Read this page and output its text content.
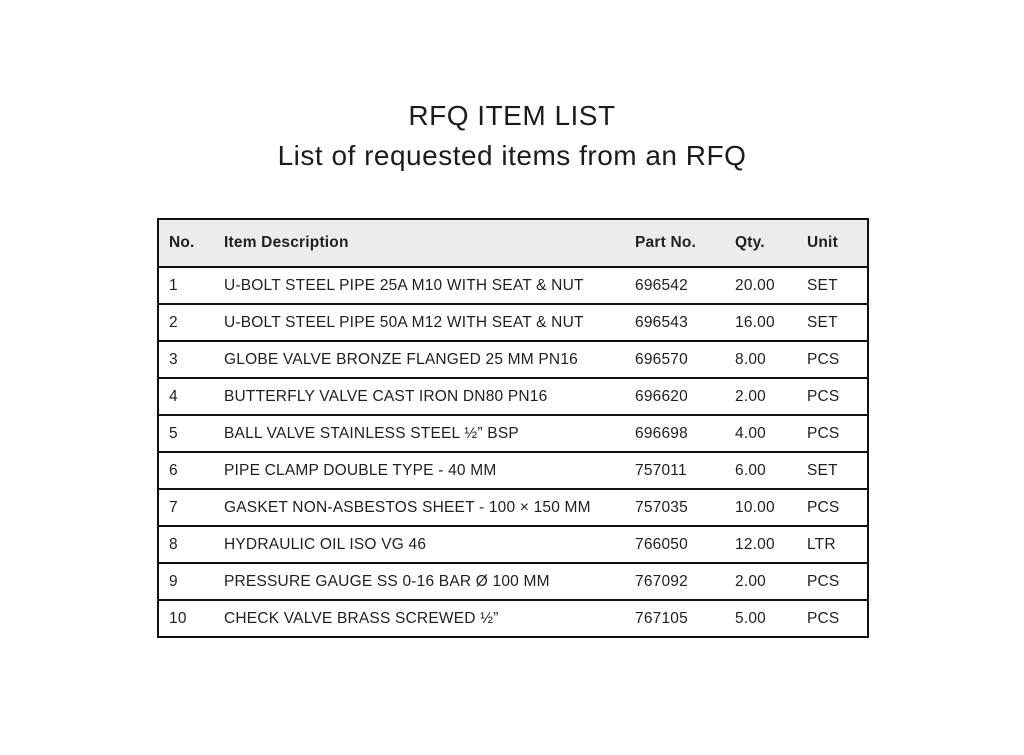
RFQ ITEM LIST
List of requested items from an RFQ
No.	Item Description	Part No.	Qty.	Unit
1	U-BOLT STEEL PIPE 25A M10 WITH SEAT & NUT	696542	20.00	SET
2	U-BOLT STEEL PIPE 50A M12 WITH SEAT & NUT	696543	16.00	SET
3	GLOBE VALVE BRONZE FLANGED 25 MM PN16	696570	8.00	PCS
4	BUTTERFLY VALVE CAST IRON DN80 PN16	696620	2.00	PCS
5	BALL VALVE STAINLESS STEEL ½” BSP	696698	4.00	PCS
6	PIPE CLAMP DOUBLE TYPE - 40 MM	757011	6.00	SET
7	GASKET NON-ASBESTOS SHEET - 100 × 150 MM	757035	10.00	PCS
8	HYDRAULIC OIL ISO VG 46	766050	12.00	LTR
9	PRESSURE GAUGE SS 0-16 BAR Ø 100 MM	767092	2.00	PCS
10	CHECK VALVE BRASS SCREWED ½”	767105	5.00	PCS
